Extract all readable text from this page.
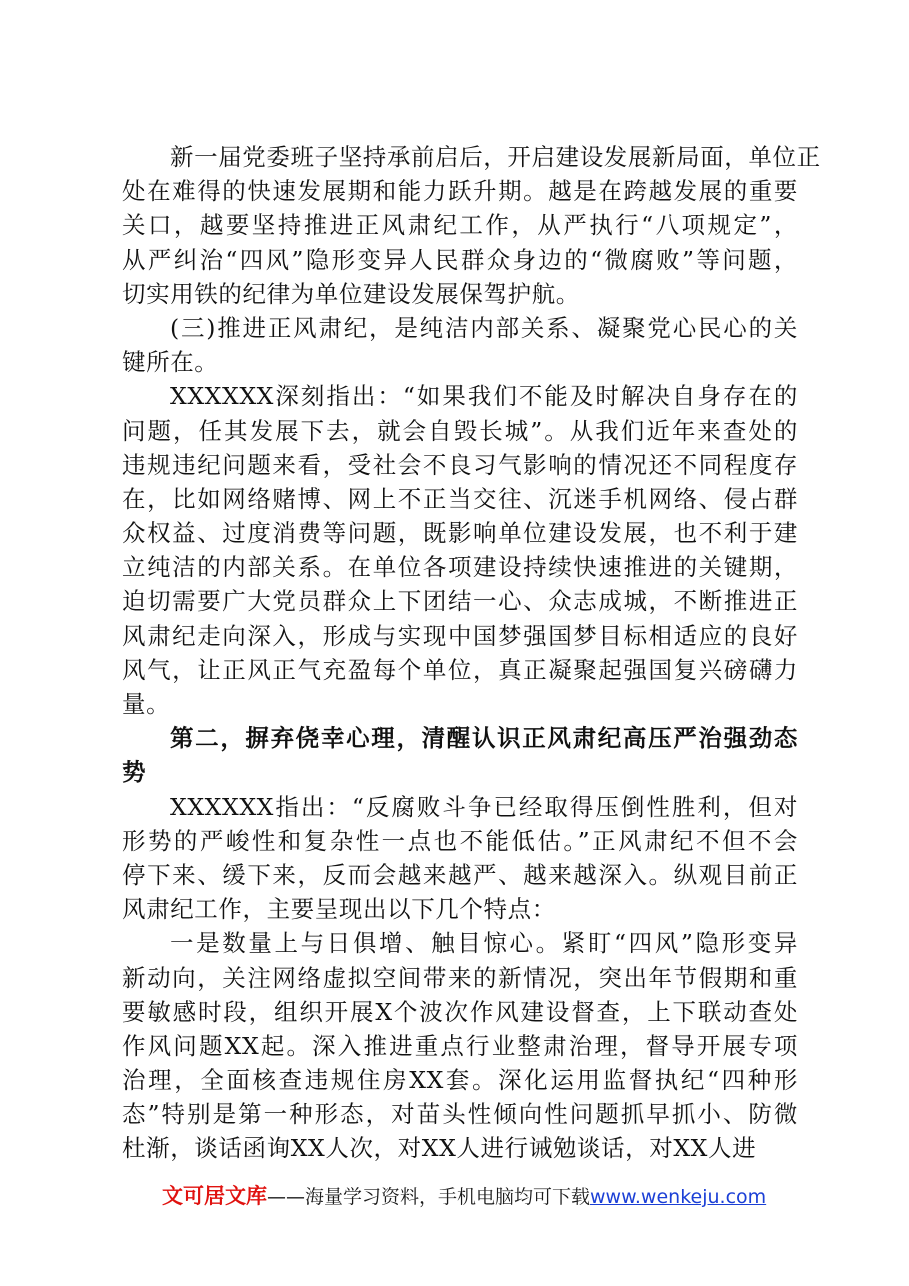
新一届党委班子坚持承前启后，开启建设发展新局面，单位正
处在难得的快速发展期和能力跃升期。越是在跨越发展的重要
关口，越要坚持推进正风肃纪工作，从严执行“八项规定”，
从严纠治“四风”隐形变异人民群众身边的“微腐败”等问题，
切实用铁的纪律为单位建设发展保驾护航。
(三)推进正风肃纪，是纯洁内部关系、凝聚党心民心的关
键所在。
XXXXXX深刻指出：“如果我们不能及时解决自身存在的
问题，任其发展下去，就会自毁长城”。从我们近年来查处的
违规违纪问题来看，受社会不良习气影响的情况还不同程度存
在，比如网络赌博、网上不正当交往、沉迷手机网络、侵占群
众权益、过度消费等问题，既影响单位建设发展，也不利于建
立纯洁的内部关系。在单位各项建设持续快速推进的关键期，
迫切需要广大党员群众上下团结一心、众志成城，不断推进正
风肃纪走向深入，形成与实现中国梦强国梦目标相适应的良好
风气，让正风正气充盈每个单位，真正凝聚起强国复兴磅礴力
量。
第二，摒弃侥幸心理，清醒认识正风肃纪高压严治强劲态
势
XXXXXX指出：“反腐败斗争已经取得压倒性胜利，但对
形势的严峻性和复杂性一点也不能低估。”正风肃纪不但不会
停下来、缓下来，反而会越来越严、越来越深入。纵观目前正
风肃纪工作，主要呈现出以下几个特点：
一是数量上与日俱增、触目惊心。紧盯“四风”隐形变异
新动向，关注网络虚拟空间带来的新情况，突出年节假期和重
要敏感时段，组织开展X个波次作风建设督查，上下联动查处
作风问题XX起。深入推进重点行业整肃治理，督导开展专项
治理，全面核查违规住房XX套。深化运用监督执纪“四种形
态”特别是第一种形态，对苗头性倾向性问题抓早抓小、防微
杜渐，谈话函询XX人次，对XX人进行诫勉谈话，对XX人进
文可居文库——海量学习资料，手机电脑均可下载www.wenkeju.com
